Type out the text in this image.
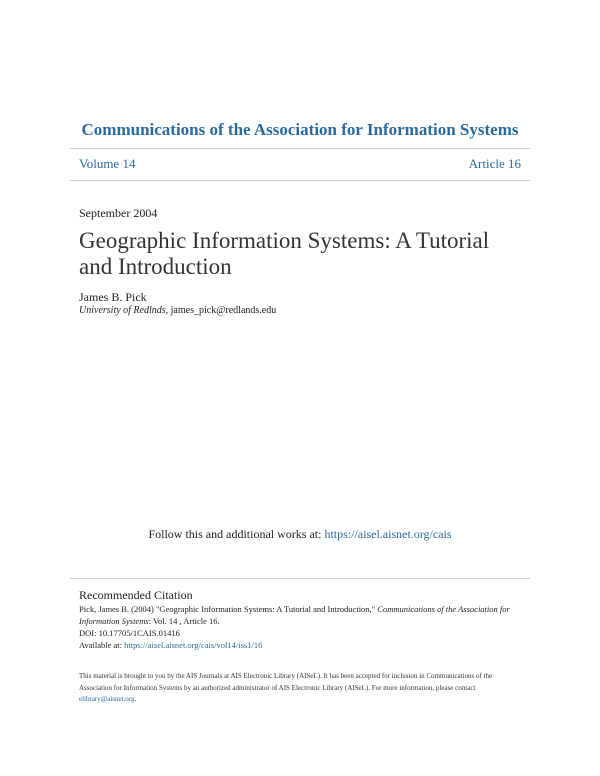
Communications of the Association for Information Systems
Volume 14	Article 16
September 2004
Geographic Information Systems: A Tutorial and Introduction
James B. Pick
University of Redlnds, james_pick@redlands.edu
Follow this and additional works at: https://aisel.aisnet.org/cais
Recommended Citation
Pick, James B. (2004) "Geographic Information Systems: A Tutorial and Introduction," Communications of the Association for Information Systems: Vol. 14 , Article 16.
DOI: 10.17705/1CAIS.01416
Available at: https://aisel.aisnet.org/cais/vol14/iss1/16
This material is brought to you by the AIS Journals at AIS Electronic Library (AISeL). It has been accepted for inclusion in Communications of the Association for Information Systems by an authorized administrator of AIS Electronic Library (AISeL). For more information, please contact
elibrary@aisnet.org.
